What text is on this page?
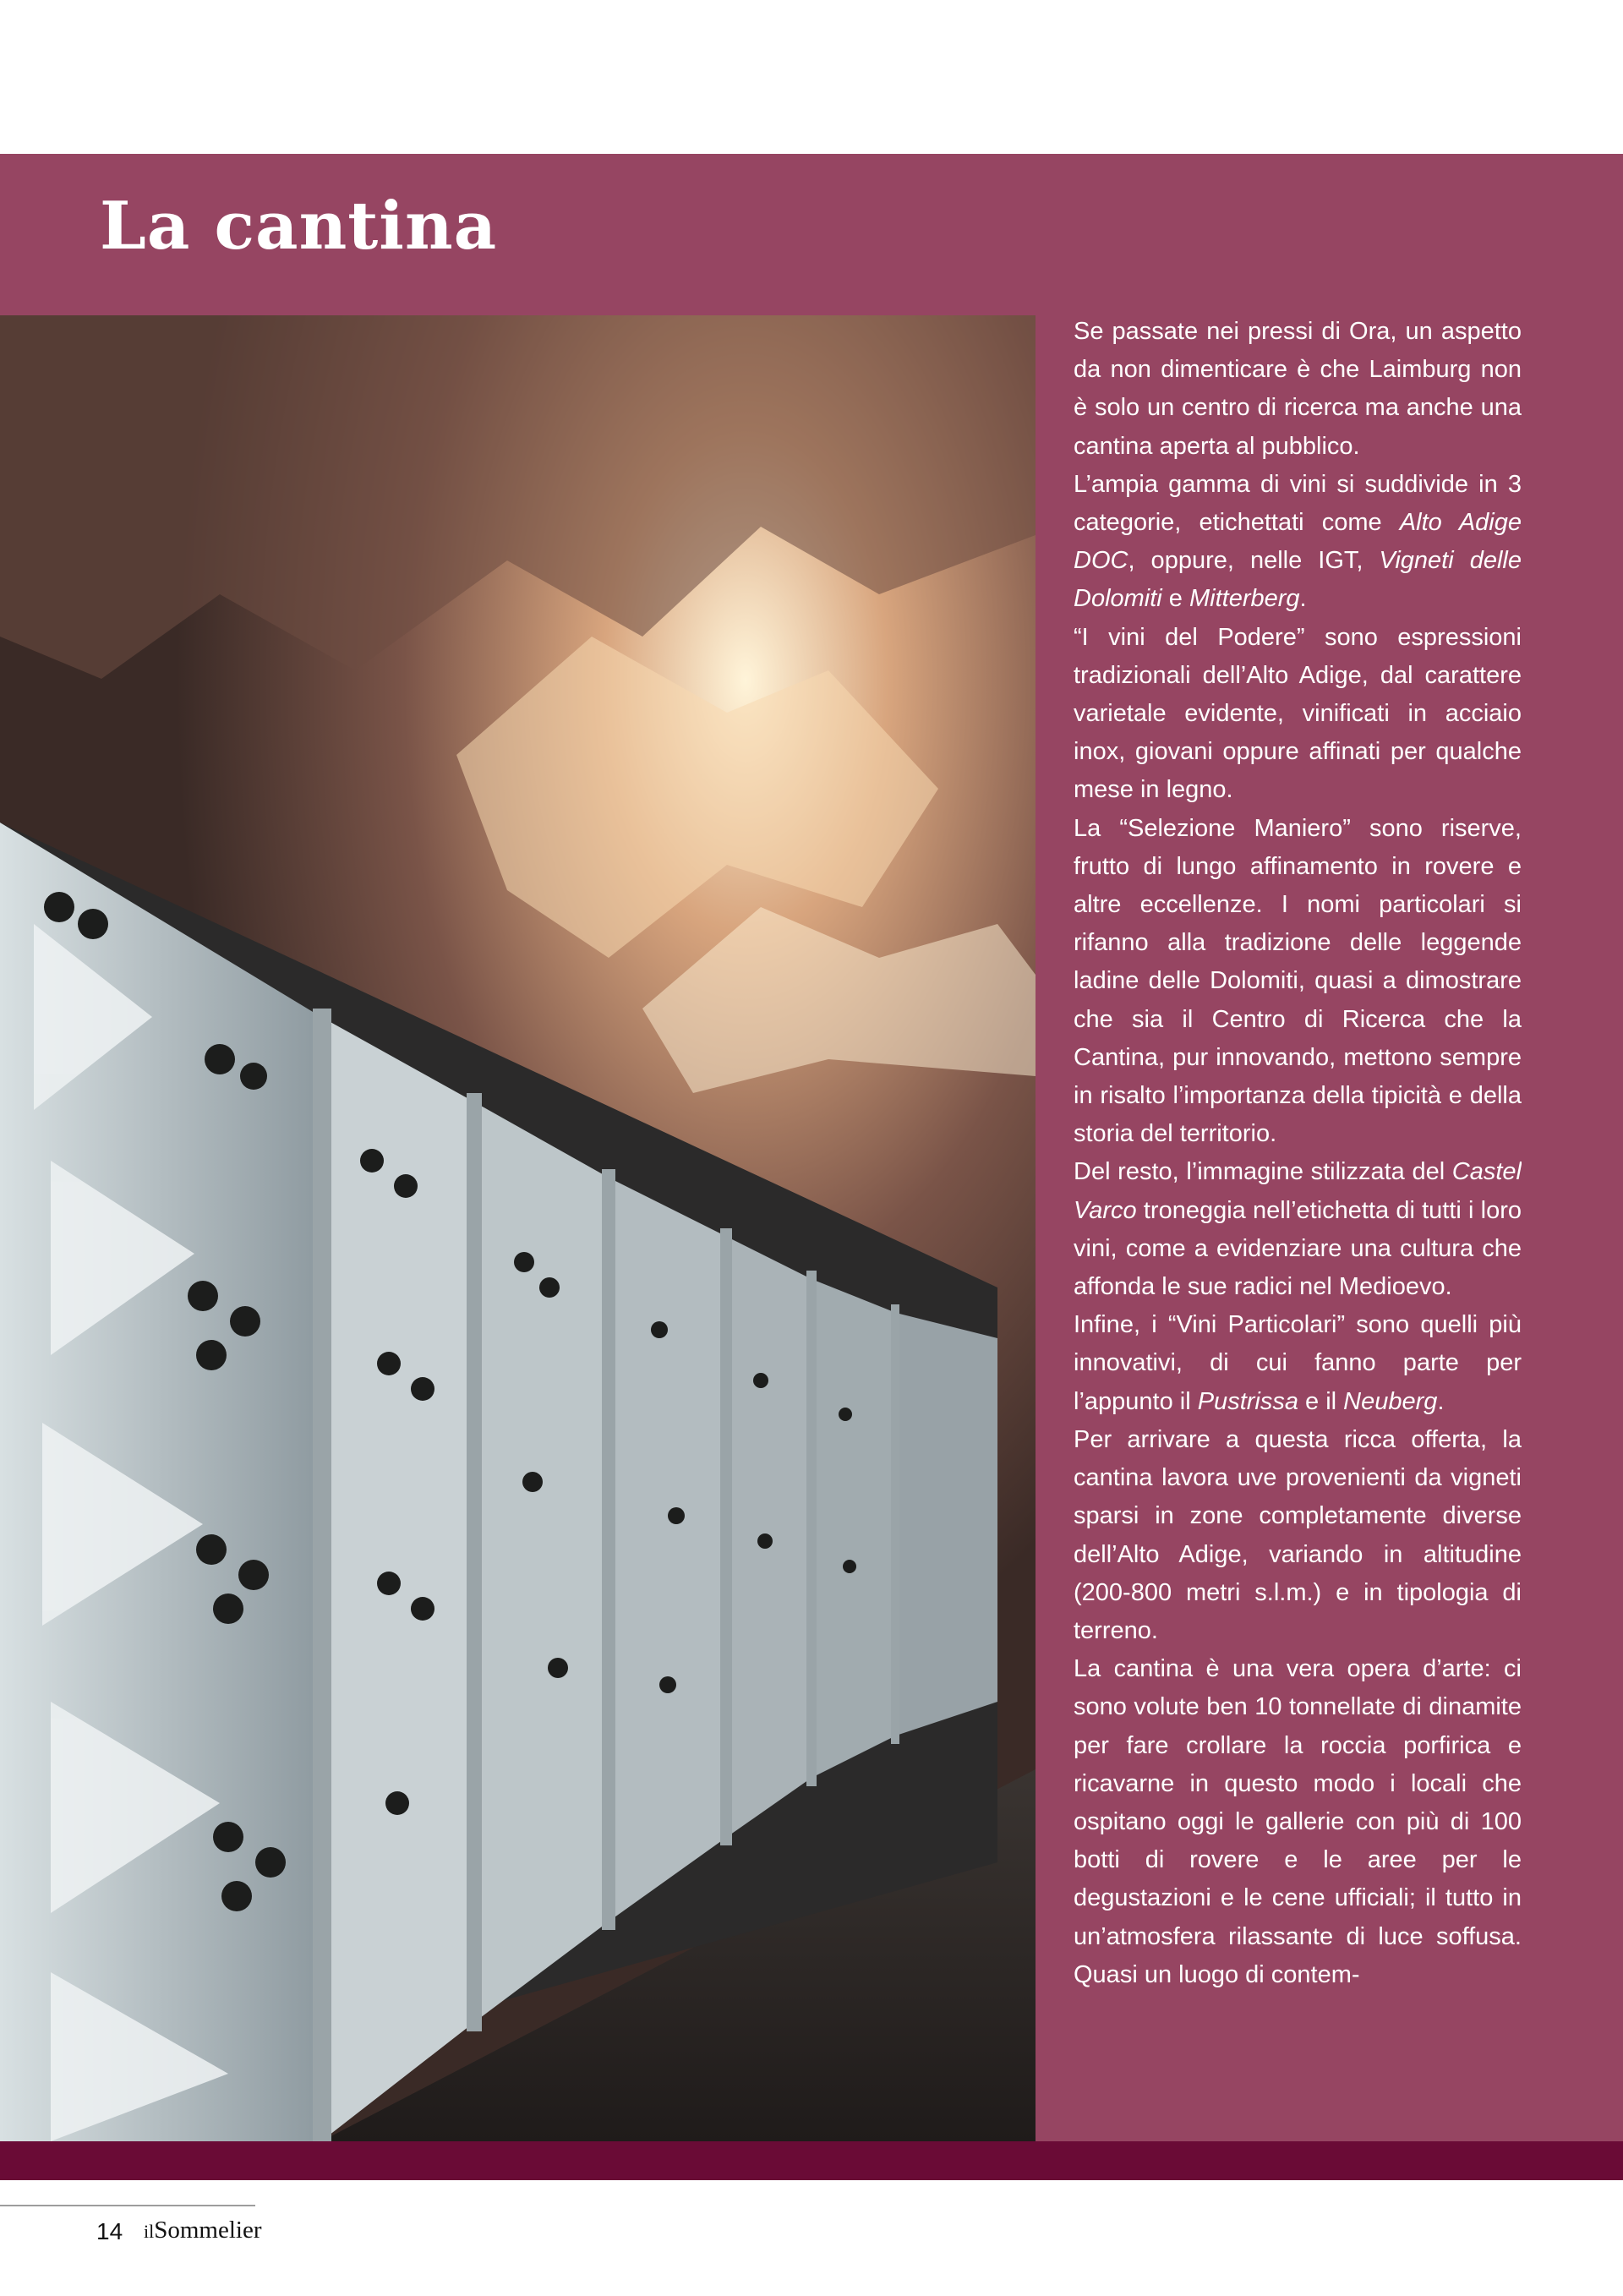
La cantina

Se passate nei pressi di Ora, un aspetto da non dimenticare è che Laimburg non è solo un centro di ricerca ma anche una cantina aperta al pubblico.

L’ampia gamma di vini si suddivide in 3 categorie, etichettati come Alto Adige DOC, oppure, nelle IGT, Vigneti delle Dolomiti e Mitterberg.

“I vini del Podere” sono espressioni tradizionali dell’Alto Adige, dal carattere varietale evidente, vinificati in acciaio inox, giovani oppure affinati per qualche mese in legno.

La “Selezione Maniero” sono riserve, frutto di lungo affinamento in rovere e altre eccellenze. I nomi particolari si rifanno alla tradizione delle leggende ladine delle Dolomiti, quasi a dimostrare che sia il Centro di Ricerca che la Cantina, pur innovando, mettono sempre in risalto l’importanza della tipicità e della storia del territorio.

Del resto, l’immagine stilizzata del Castel Varco troneggia nell’etichetta di tutti i loro vini, come a evidenziare una cultura che affonda le sue radici nel Medioevo.

Infine, i “Vini Particolari” sono quelli più innovativi, di cui fanno parte per l’appunto il Pustrissa e il Neuberg.

Per arrivare a questa ricca offerta, la cantina lavora uve provenienti da vigneti sparsi in zone completamente diverse dell’Alto Adige, variando in altitudine (200-800 metri s.l.m.) e in tipologia di terreno.

La cantina è una vera opera d’arte: ci sono volute ben 10 tonnellate di dinamite per fare crollare la roccia porfirica e ricavarne in questo modo i locali che ospitano oggi le gallerie con più di 100 botti di rovere e le aree per le degustazioni e le cene ufficiali; il tutto in un’atmosfera rilassante di luce soffusa. Quasi un luogo di contem-

14 ilSommelier
